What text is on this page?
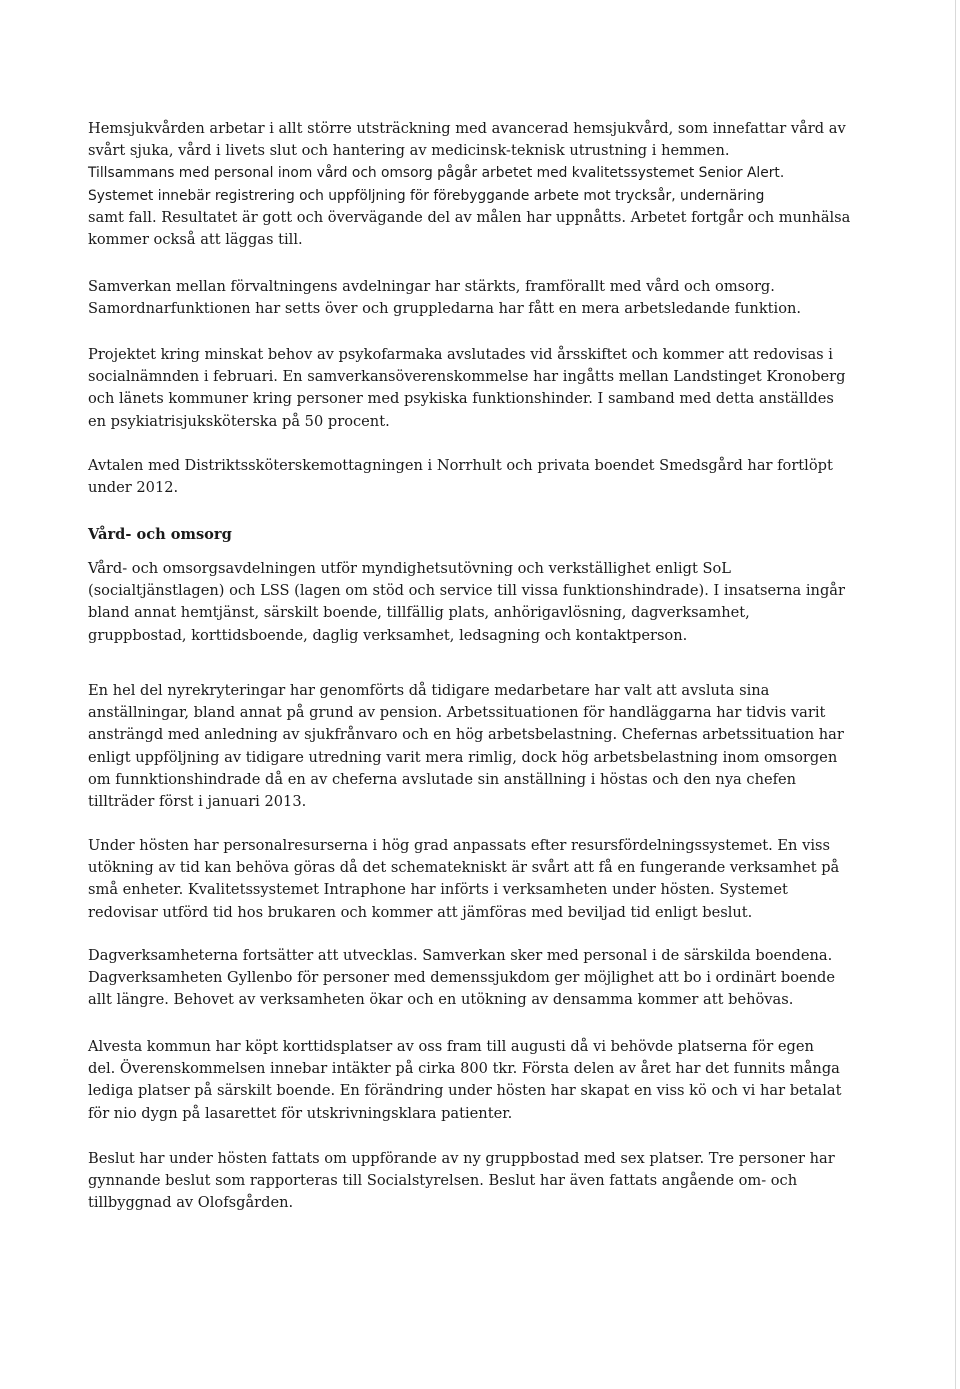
Hemsjukvården arbetar i allt större utsträckning med avancerad hemsjukvård, som innefattar vård av
svårt sjuka, vård i livets slut och hantering av medicinsk-teknisk utrustning i hemmen.
Tillsammans med personal inom vård och omsorg pågår arbetet med kvalitetssystemet Senior Alert.
Systemet innebär registrering och uppföljning för förebyggande arbete mot trycksår, undernäring
samt fall. Resultatet är gott och övervägande del av målen har uppnåtts. Arbetet fortgår och munhälsa
kommer också att läggas till.

Samverkan mellan förvaltningens avdelningar har stärkts, framförallt med vård och omsorg.
Samordnarfunktionen har setts över och gruppledarna har fått en mera arbetsledande funktion.

Projektet kring minskat behov av psykofarmaka avslutades vid årsskiftet och kommer att redovisas i
socialnämnden i februari. En samverkansöverenskommelse har ingåtts mellan Landstinget Kronoberg
och länets kommuner kring personer med psykiska funktionshinder. I samband med detta anställdes
en psykiatrisjuksköterska på 50 procent.

Avtalen med Distriktssköterskemottagningen i Norrhult och privata boendet Smedsgård har fortlöpt
under 2012.

Vård- och omsorg

Vård- och omsorgsavdelningen utför myndighetsutövning och verkställighet enligt SoL
(socialtjänstlagen) och LSS (lagen om stöd och service till vissa funktionshindrade). I insatserna ingår
bland annat hemtjänst, särskilt boende, tillfällig plats, anhörigavlösning, dagverksamhet,
gruppbostad, korttidsboende, daglig verksamhet, ledsagning och kontaktperson.

En hel del nyrekryteringar har genomförts då tidigare medarbetare har valt att avsluta sina
anställningar, bland annat på grund av pension. Arbetssituationen för handläggarna har tidvis varit
ansträngd med anledning av sjukfrånvaro och en hög arbetsbelastning. Chefernas arbetssituation har
enligt uppföljning av tidigare utredning varit mera rimlig, dock hög arbetsbelastning inom omsorgen
om funnktionshindrade då en av cheferna avslutade sin anställning i höstas och den nya chefen
tillträder först i januari 2013.

Under hösten har personalresurserna i hög grad anpassats efter resursfördelningssystemet. En viss
utökning av tid kan behöva göras då det schematekniskt är svårt att få en fungerande verksamhet på
små enheter. Kvalitetssystemet Intraphone har införts i verksamheten under hösten. Systemet
redovisar utförd tid hos brukaren och kommer att jämföras med beviljad tid enligt beslut.

Dagverksamheterna fortsätter att utvecklas. Samverkan sker med personal i de särskilda boendena.
Dagverksamheten Gyllenbo för personer med demenssjukdom ger möjlighet att bo i ordinärt boende
allt längre. Behovet av verksamheten ökar och en utökning av densamma kommer att behövas.

Alvesta kommun har köpt korttidsplatser av oss fram till augusti då vi behövde platserna för egen
del. Överenskommelsen innebar intäkter på cirka 800 tkr. Första delen av året har det funnits många
lediga platser på särskilt boende. En förändring under hösten har skapat en viss kö och vi har betalat
för nio dygn på lasarettet för utskrivningsklara patienter.

Beslut har under hösten fattats om uppförande av ny gruppbostad med sex platser. Tre personer har
gynnande beslut som rapporteras till Socialstyrelsen. Beslut har även fattats angående om- och
tillbyggnad av Olofsgården.
